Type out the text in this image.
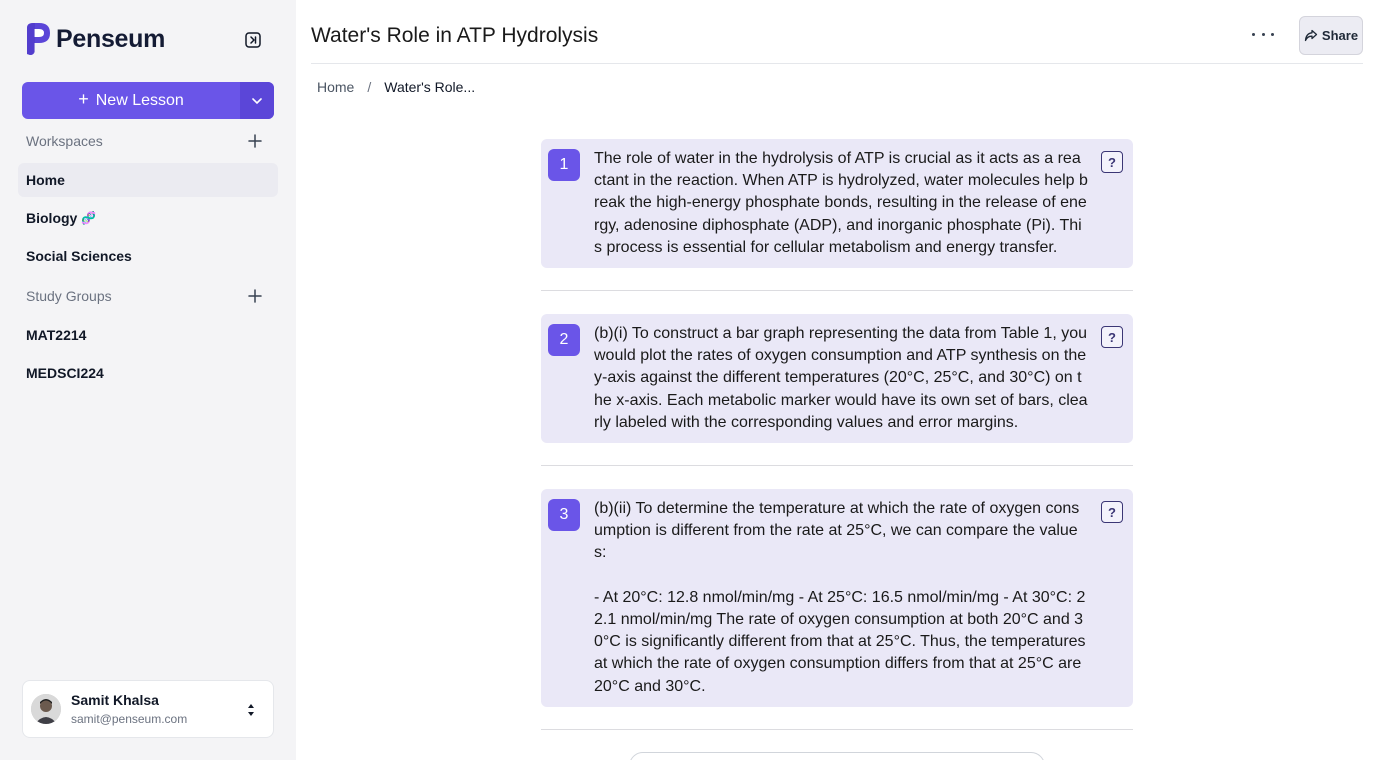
Penseum
+ New Lesson
Workspaces
Home
Biology 🧬
Social Sciences
Study Groups
MAT2214
MEDSCI224
Samit Khalsa
samit@penseum.com
Water's Role in ATP Hydrolysis	Share
Home / Water's Role...
1	The role of water in the hydrolysis of ATP is crucial as it acts as a reactant in the reaction. When ATP is hydrolyzed, water molecules help break the high-energy phosphate bonds, resulting in the release of energy, adenosine diphosphate (ADP), and inorganic phosphate (Pi). This process is essential for cellular metabolism and energy transfer.
?
2	(b)(i) To construct a bar graph representing the data from Table 1, you would plot the rates of oxygen consumption and ATP synthesis on the y-axis against the different temperatures (20°C, 25°C, and 30°C) on the x-axis. Each metabolic marker would have its own set of bars, clearly labeled with the corresponding values and error margins.
?
3	(b)(ii) To determine the temperature at which the rate of oxygen consumption is different from the rate at 25°C, we can compare the values:

- At 20°C: 12.8 nmol/min/mg - At 25°C: 16.5 nmol/min/mg - At 30°C: 22.1 nmol/min/mg The rate of oxygen consumption at both 20°C and 30°C is significantly different from that at 25°C. Thus, the temperatures at which the rate of oxygen consumption differs from that at 25°C are 20°C and 30°C.
?
